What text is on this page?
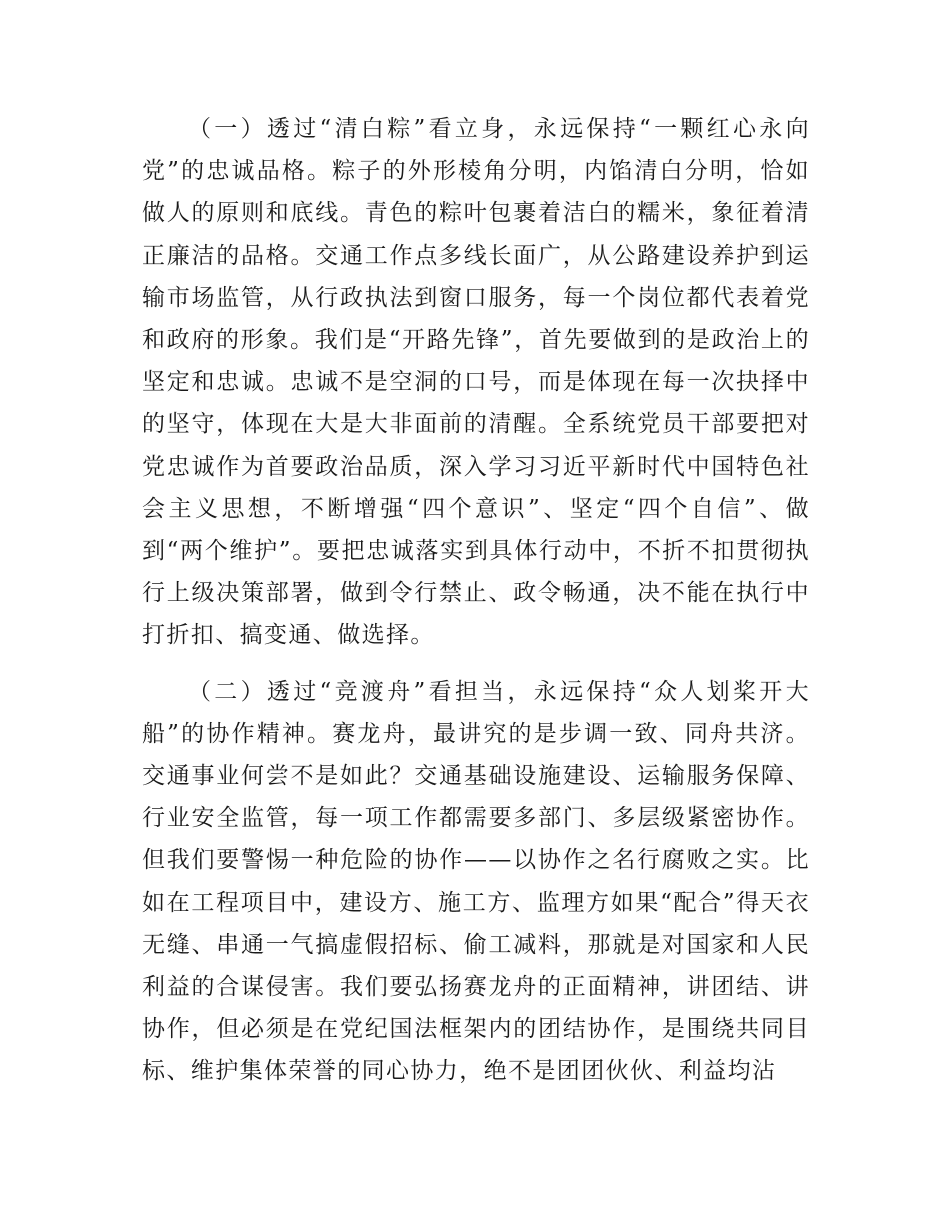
（一）透过“清白粽”看立身，永远保持“一颗红心永向党”的忠诚品格。粽子的外形棱角分明，内馅清白分明，恰如做人的原则和底线。青色的粽叶包裹着洁白的糯米，象征着清正廉洁的品格。交通工作点多线长面广，从公路建设养护到运输市场监管，从行政执法到窗口服务，每一个岗位都代表着党和政府的形象。我们是“开路先锋”，首先要做到的是政治上的坚定和忠诚。忠诚不是空洞的口号，而是体现在每一次抉择中的坚守，体现在大是大非面前的清醒。全系统党员干部要把对党忠诚作为首要政治品质，深入学习习近平新时代中国特色社会主义思想，不断增强“四个意识”、坚定“四个自信”、做到“两个维护”。要把忠诚落实到具体行动中，不折不扣贯彻执行上级决策部署，做到令行禁止、政令畅通，决不能在执行中打折扣、搞变通、做选择。

（二）透过“竞渡舟”看担当，永远保持“众人划桨开大船”的协作精神。赛龙舟，最讲究的是步调一致、同舟共济。交通事业何尝不是如此？交通基础设施建设、运输服务保障、行业安全监管，每一项工作都需要多部门、多层级紧密协作。但我们要警惕一种危险的协作——以协作之名行腐败之实。比如在工程项目中，建设方、施工方、监理方如果“配合”得天衣无缝、串通一气搞虚假招标、偷工减料，那就是对国家和人民利益的合谋侵害。我们要弘扬赛龙舟的正面精神，讲团结、讲协作，但必须是在党纪国法框架内的团结协作，是围绕共同目标、维护集体荣誉的同心协力，绝不是团团伙伙、利益均沾
